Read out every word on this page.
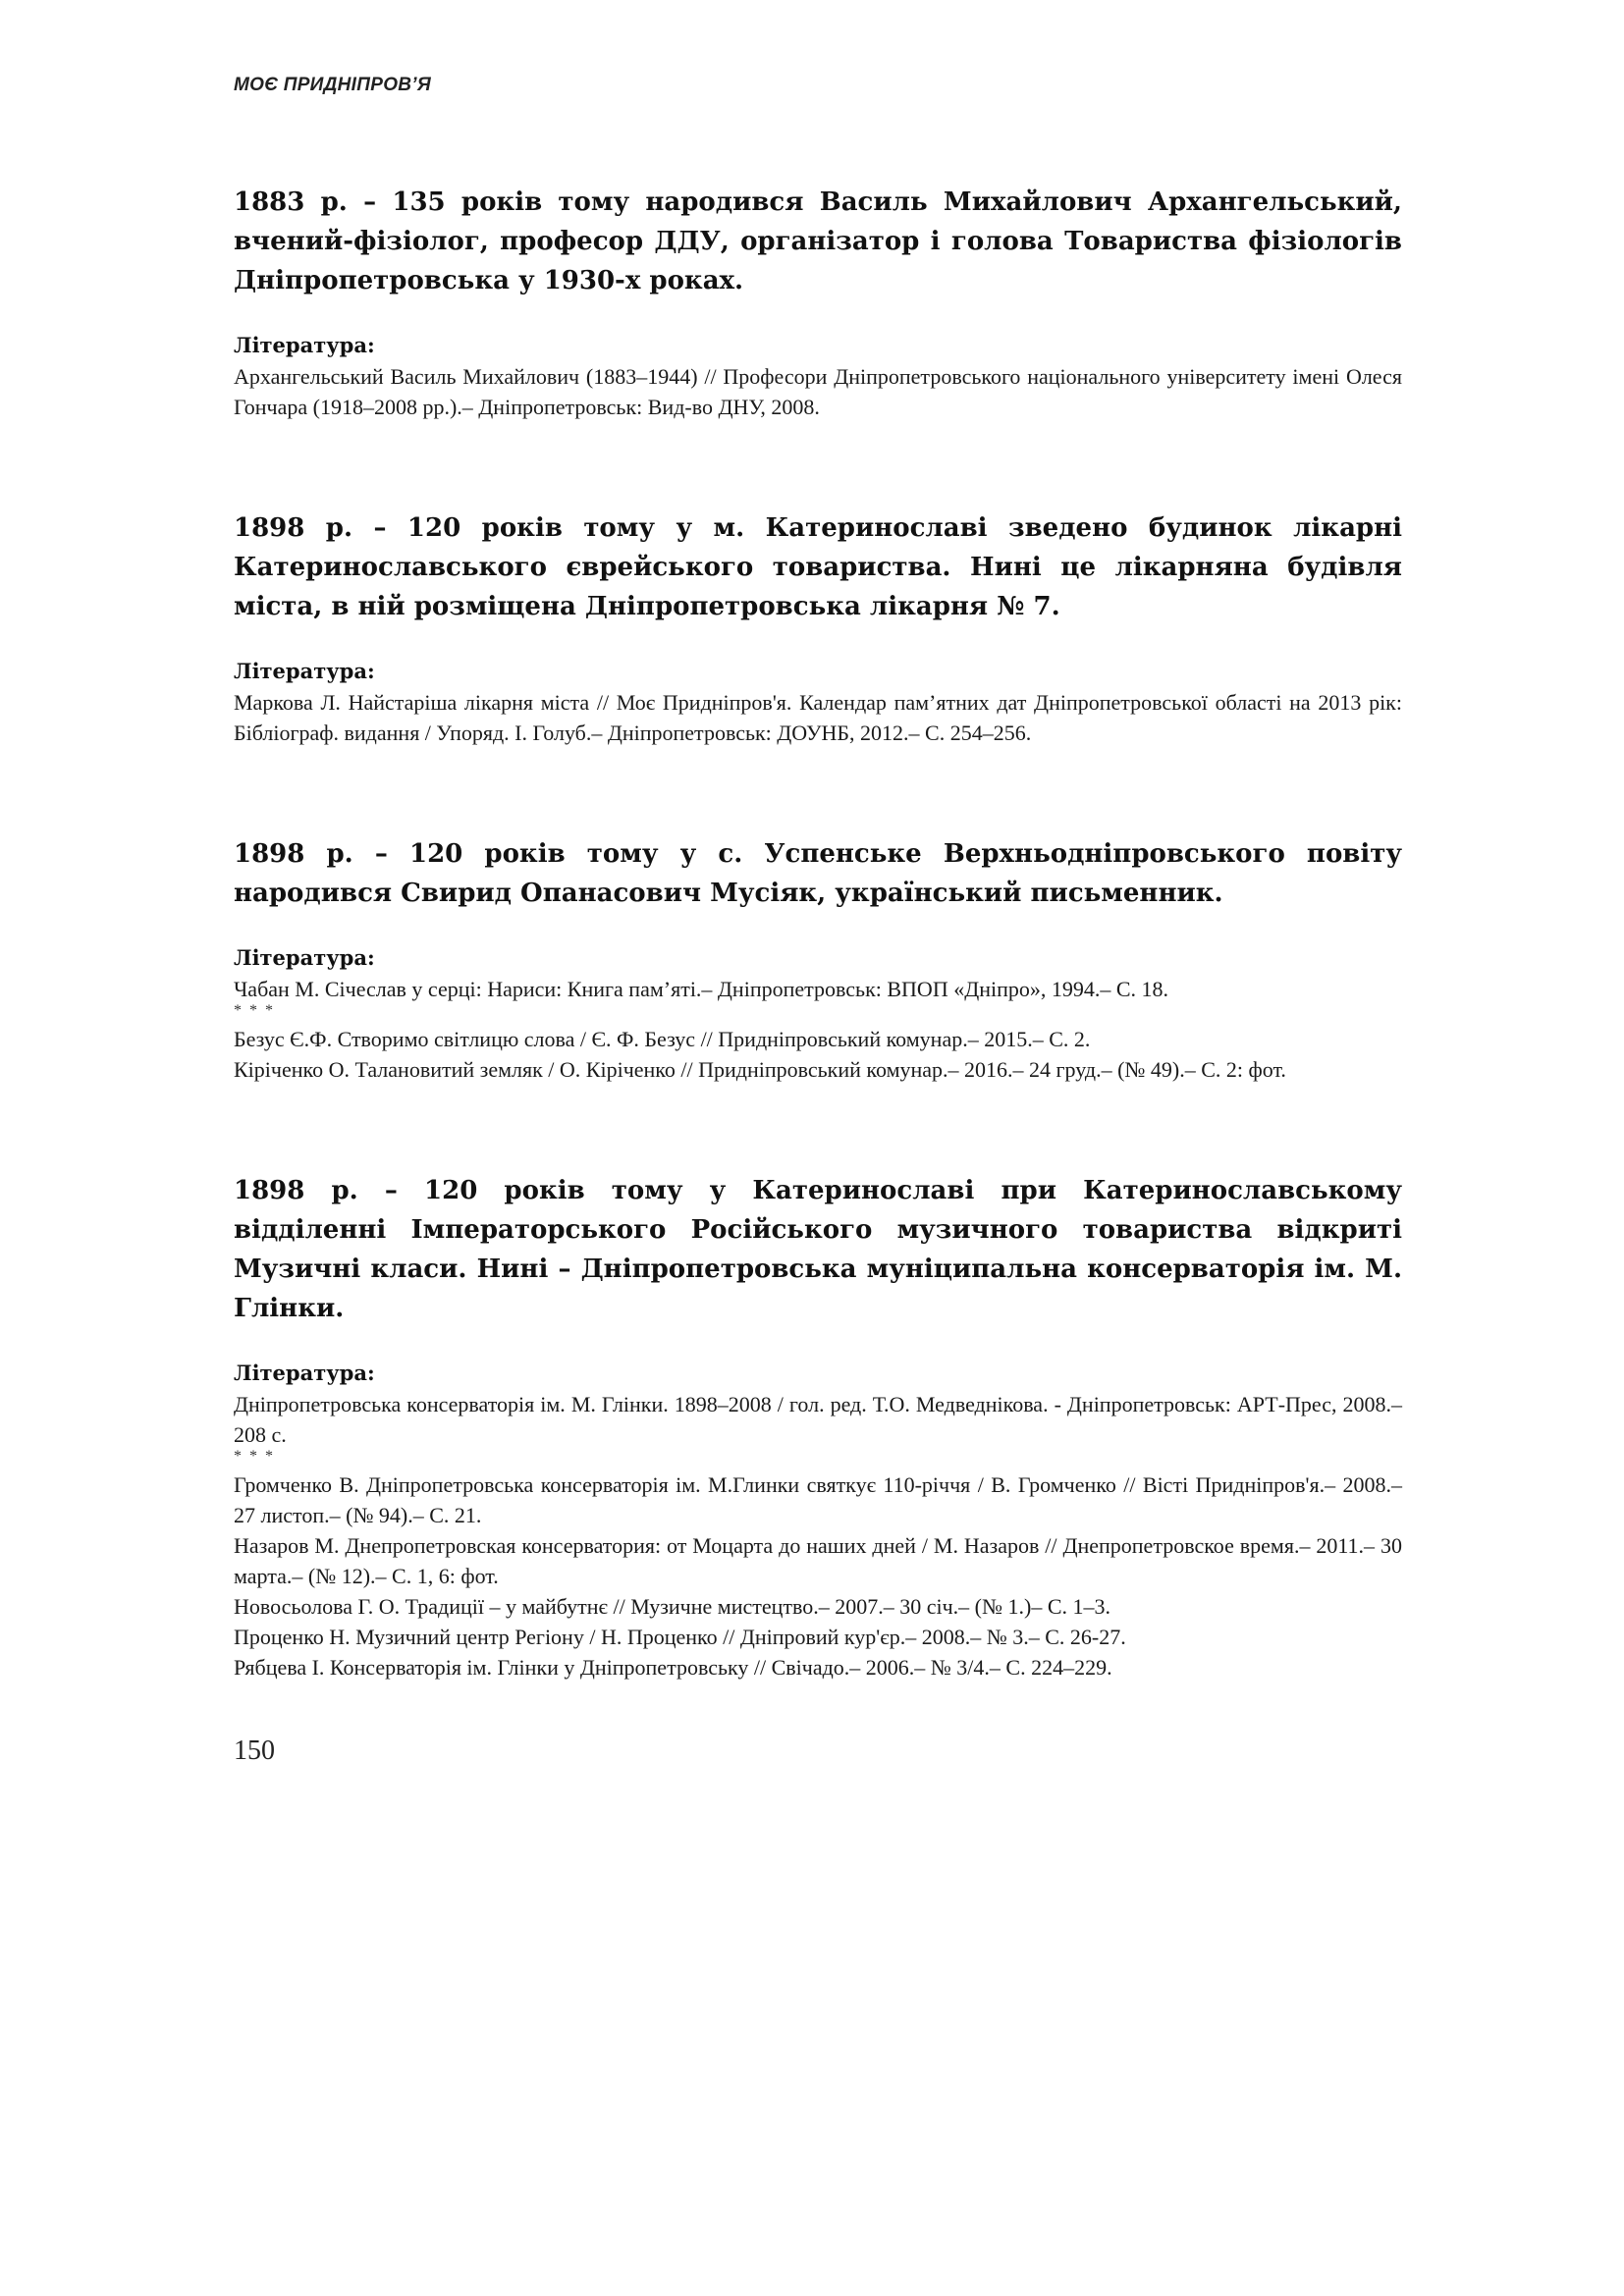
МОЄ ПРИДНІПРОВ’Я

1883 р. – 135 років тому народився Василь Михайлович Архангельський, вчений-фізіолог, професор ДДУ, організатор і голова Товариства фізіологів Дніпропетровська у 1930-х роках.

Література:

Архангельський Василь Михайлович (1883–1944) // Професори Дніпропетровського національного університету імені Олеся Гончара (1918–2008 рр.).– Дніпропетровськ: Вид-во ДНУ, 2008.

1898 р. – 120 років тому у м. Катеринославі зведено будинок лікарні Катеринославського єврейського товариства. Нині це лікарняна будівля міста, в ній розміщена Дніпропетровська лікарня № 7.

Література:

Маркова Л. Найстаріша лікарня міста // Моє Придніпров'я. Календар пам’ятних дат Дніпропетровської області на 2013 рік: Бібліограф. видання / Упоряд. І. Голуб.– Дніпропетровськ: ДОУНБ, 2012.– С. 254–256.

1898 р. – 120 років тому у с. Успенське Верхньодніпровського повіту народився Свирид Опанасович Мусіяк, український письменник.

Література:

Чабан М. Січеслав у серці: Нариси: Книга пам’яті.– Дніпропетровськ: ВПОП «Дніпро», 1994.– С. 18.

* * *

Безус Є.Ф. Створимо світлицю слова / Є. Ф. Безус // Придніпровський комунар.– 2015.– С. 2.

Кіріченко О. Талановитий земляк / О. Кіріченко // Придніпровський комунар.– 2016.– 24 груд.– (№ 49).– С. 2: фот.

1898 р. – 120 років тому у Катеринославі при Катеринославському відділенні Імператорського Російського музичного товариства відкриті Музичні класи. Нині – Дніпропетровська муніципальна консерваторія ім. М. Глінки.

Література:

Дніпропетровська консерваторія ім. М. Глінки. 1898–2008 / гол. ред. Т.О. Медведнікова. - Дніпропетровськ: АРТ-Прес, 2008.– 208 с.

* * *

Громченко В. Дніпропетровська консерваторія ім. М.Глинки святкує 110-річчя / В. Громченко // Вісті Придніпров'я.– 2008.– 27 листоп.– (№ 94).– С. 21.

Назаров М. Днепропетровская консерватория: от Моцарта до наших дней / М. Назаров // Днепропетровское время.– 2011.– 30 марта.– (№ 12).– С. 1, 6: фот.

Новосьолова Г. О. Традиції – у майбутнє // Музичне мистецтво.– 2007.– 30 січ.– (№ 1.)– С. 1–3.

Проценко Н. Музичний центр Регіону / Н. Проценко // Дніпровий кур'єр.– 2008.– № 3.– С. 26-27.

Рябцева І. Консерваторія ім. Глінки у Дніпропетровську // Свічадо.– 2006.– № 3/4.– С. 224–229.

150
